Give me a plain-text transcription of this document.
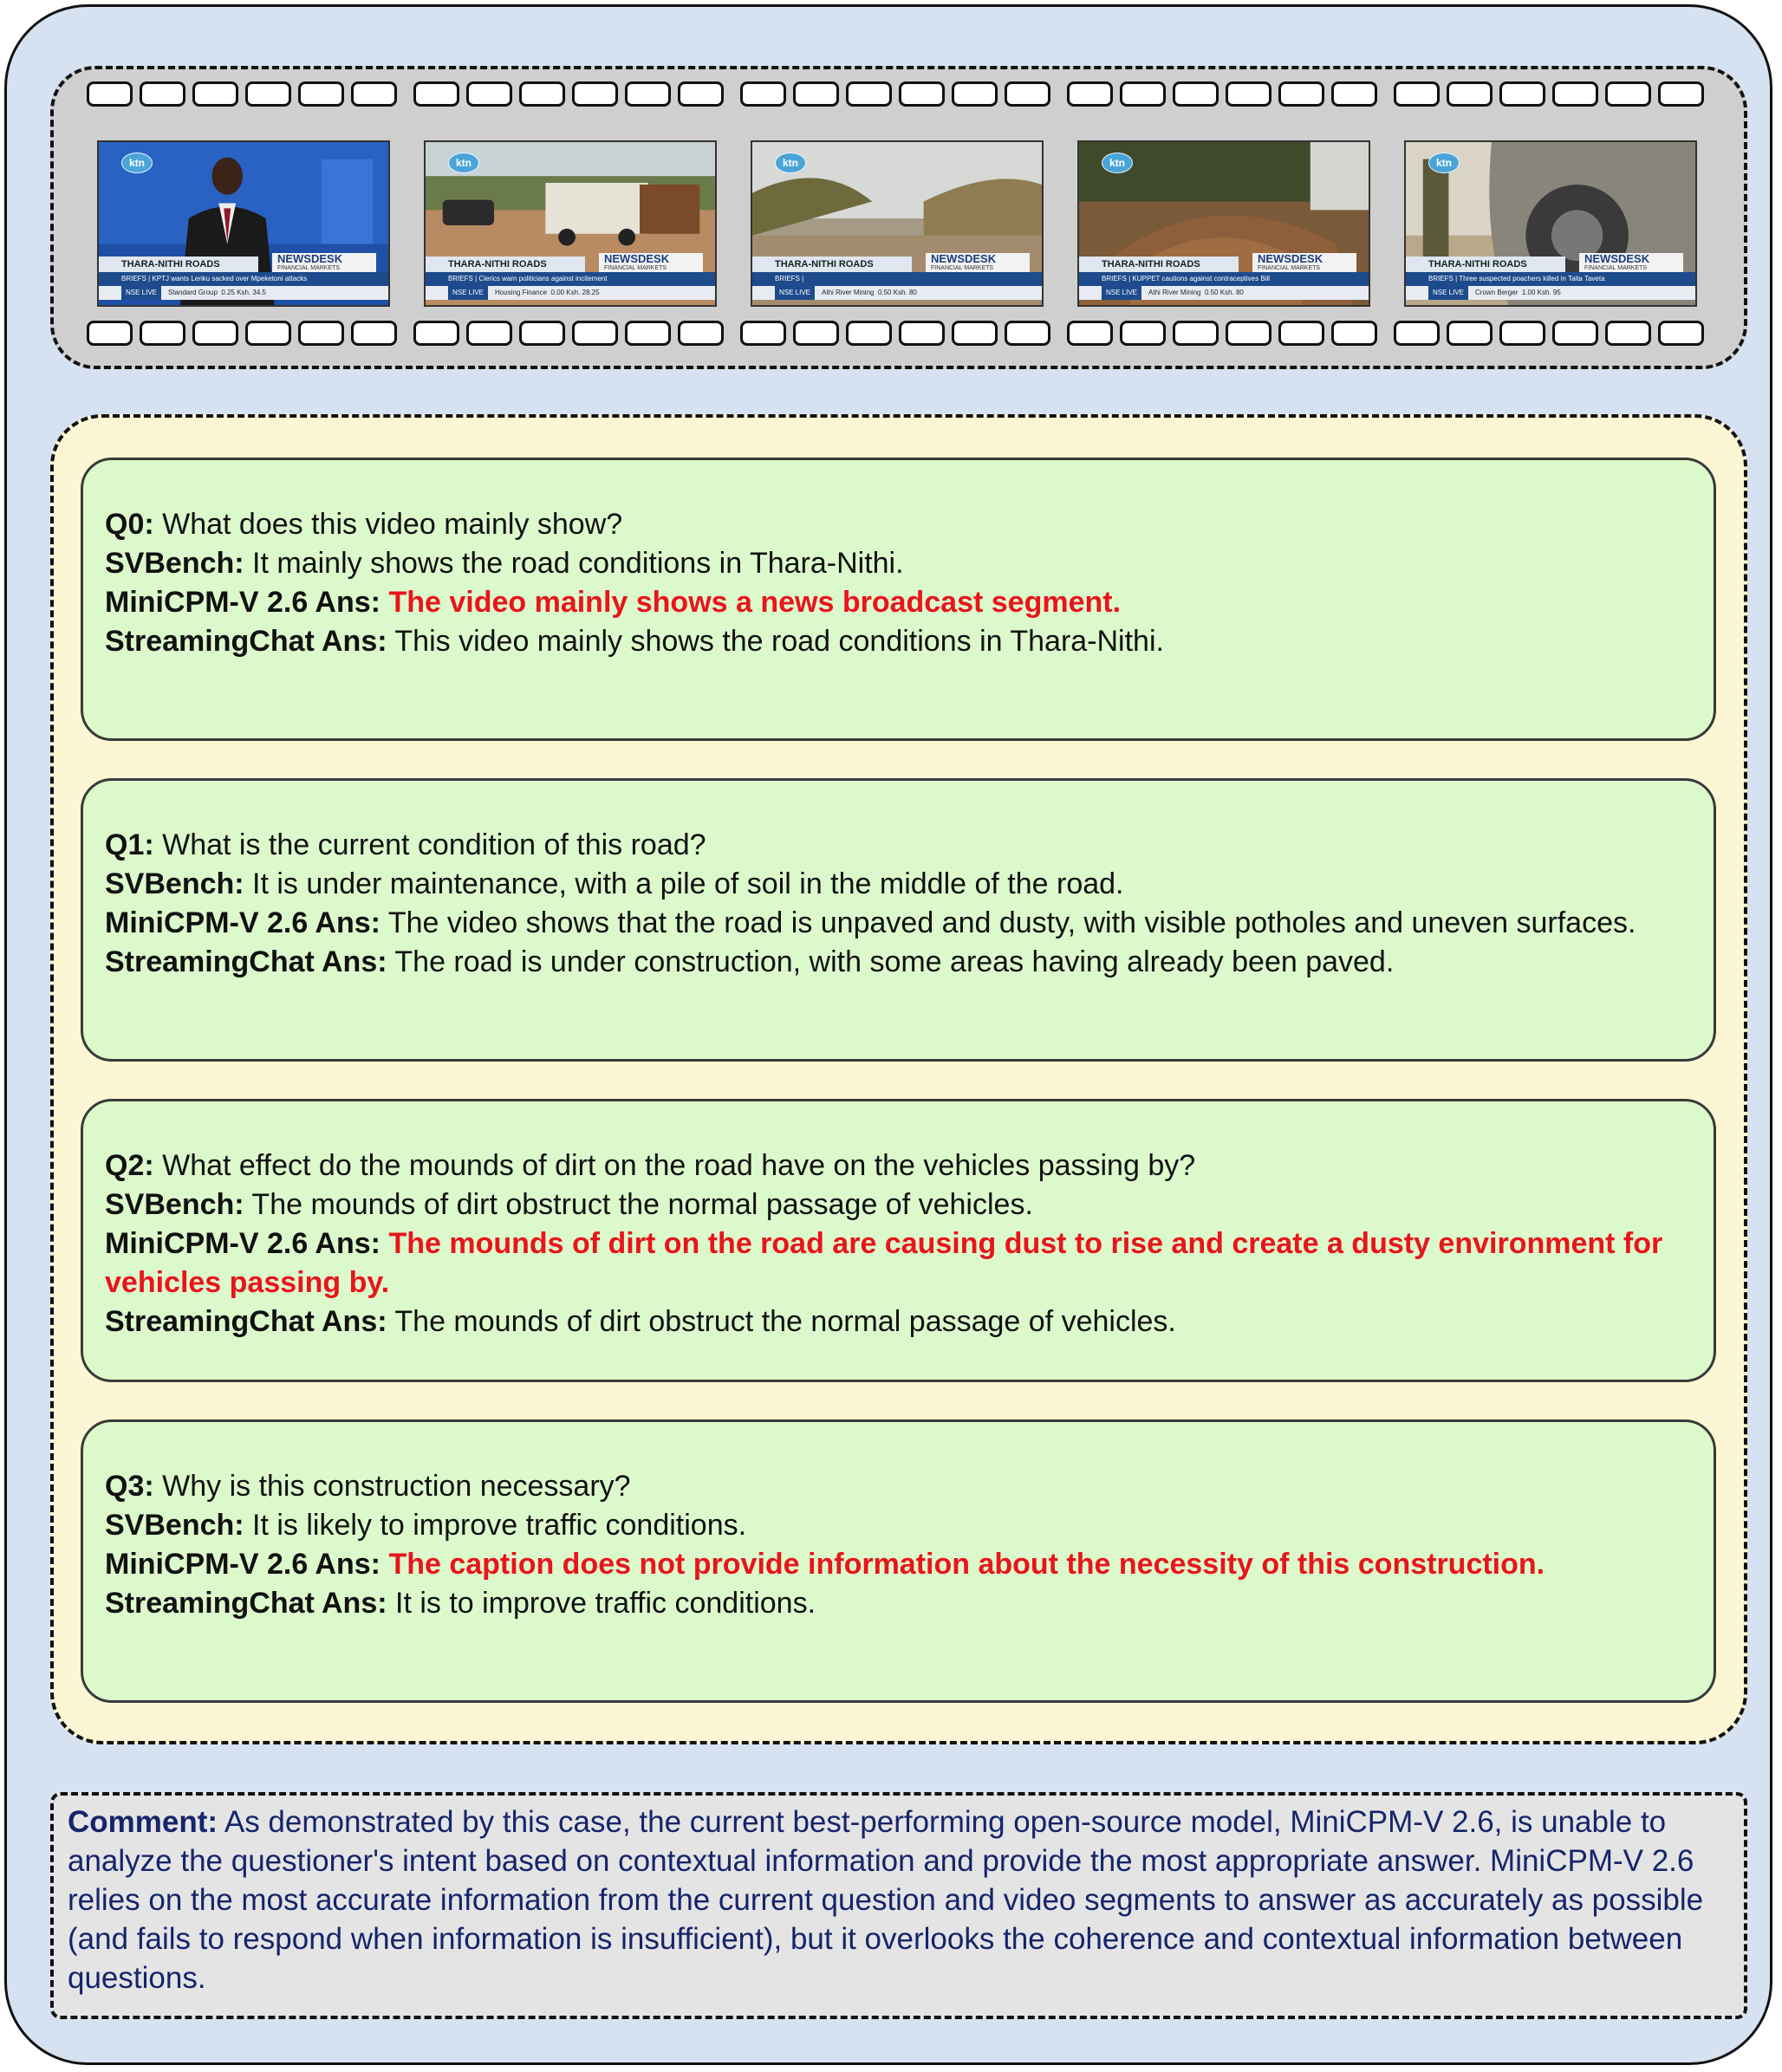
ktn
THARA-NITHI ROADS	NEWSDESK
FINANCIAL MARKETS
BRIEFS | KPTJ wants Lenku sacked over Mpeketoni attacks
NSE LIVE Standard Group 0.25 Ksh. 34.5
ktn
THARA-NITHI ROADS	NEWSDESK
FINANCIAL MARKETS
BRIEFS | Clerics warn politicians against incitement
NSE LIVE Housing Finance 0.00 Ksh. 28.25
ktn
THARA-NITHI ROADS	NEWSDESK
FINANCIAL MARKETS
BRIEFS |
NSE LIVE Athi River Mining 0.50 Ksh. 80
ktn
THARA-NITHI ROADS	NEWSDESK
FINANCIAL MARKETS
BRIEFS | KUPPET cautions against contraceptives Bill
NSE LIVE Athi River Mining 0.50 Ksh. 80
ktn
THARA-NITHI ROADS	NEWSDESK
FINANCIAL MARKETS
BRIEFS | Three suspected poachers killed in Taita Taveta
NSE LIVE Crown Berger 1.00 Ksh. 95
Q0: What does this video mainly show?
SVBench: It mainly shows the road conditions in Thara-Nithi.
MiniCPM-V 2.6 Ans: The video mainly shows a news broadcast segment.
StreamingChat Ans: This video mainly shows the road conditions in Thara-Nithi.
Q1: What is the current condition of this road?
SVBench: It is under maintenance, with a pile of soil in the middle of the road.
MiniCPM-V 2.6 Ans: The video shows that the road is unpaved and dusty, with visible potholes and uneven surfaces.
StreamingChat Ans: The road is under construction, with some areas having already been paved.
Q2: What effect do the mounds of dirt on the road have on the vehicles passing by?
SVBench: The mounds of dirt obstruct the normal passage of vehicles.
MiniCPM-V 2.6 Ans: The mounds of dirt on the road are causing dust to rise and create a dusty environment for vehicles passing by.
StreamingChat Ans: The mounds of dirt obstruct the normal passage of vehicles.
Q3: Why is this construction necessary?
SVBench: It is likely to improve traffic conditions.
MiniCPM-V 2.6 Ans: The caption does not provide information about the necessity of this construction.
StreamingChat Ans: It is to improve traffic conditions.
Comment: As demonstrated by this case, the current best-performing open-source model, MiniCPM-V 2.6, is unable to analyze the questioner's intent based on contextual information and provide the most appropriate answer. MiniCPM-V 2.6 relies on the most accurate information from the current question and video segments to answer as accurately as possible (and fails to respond when information is insufficient), but it overlooks the coherence and contextual information between questions.
